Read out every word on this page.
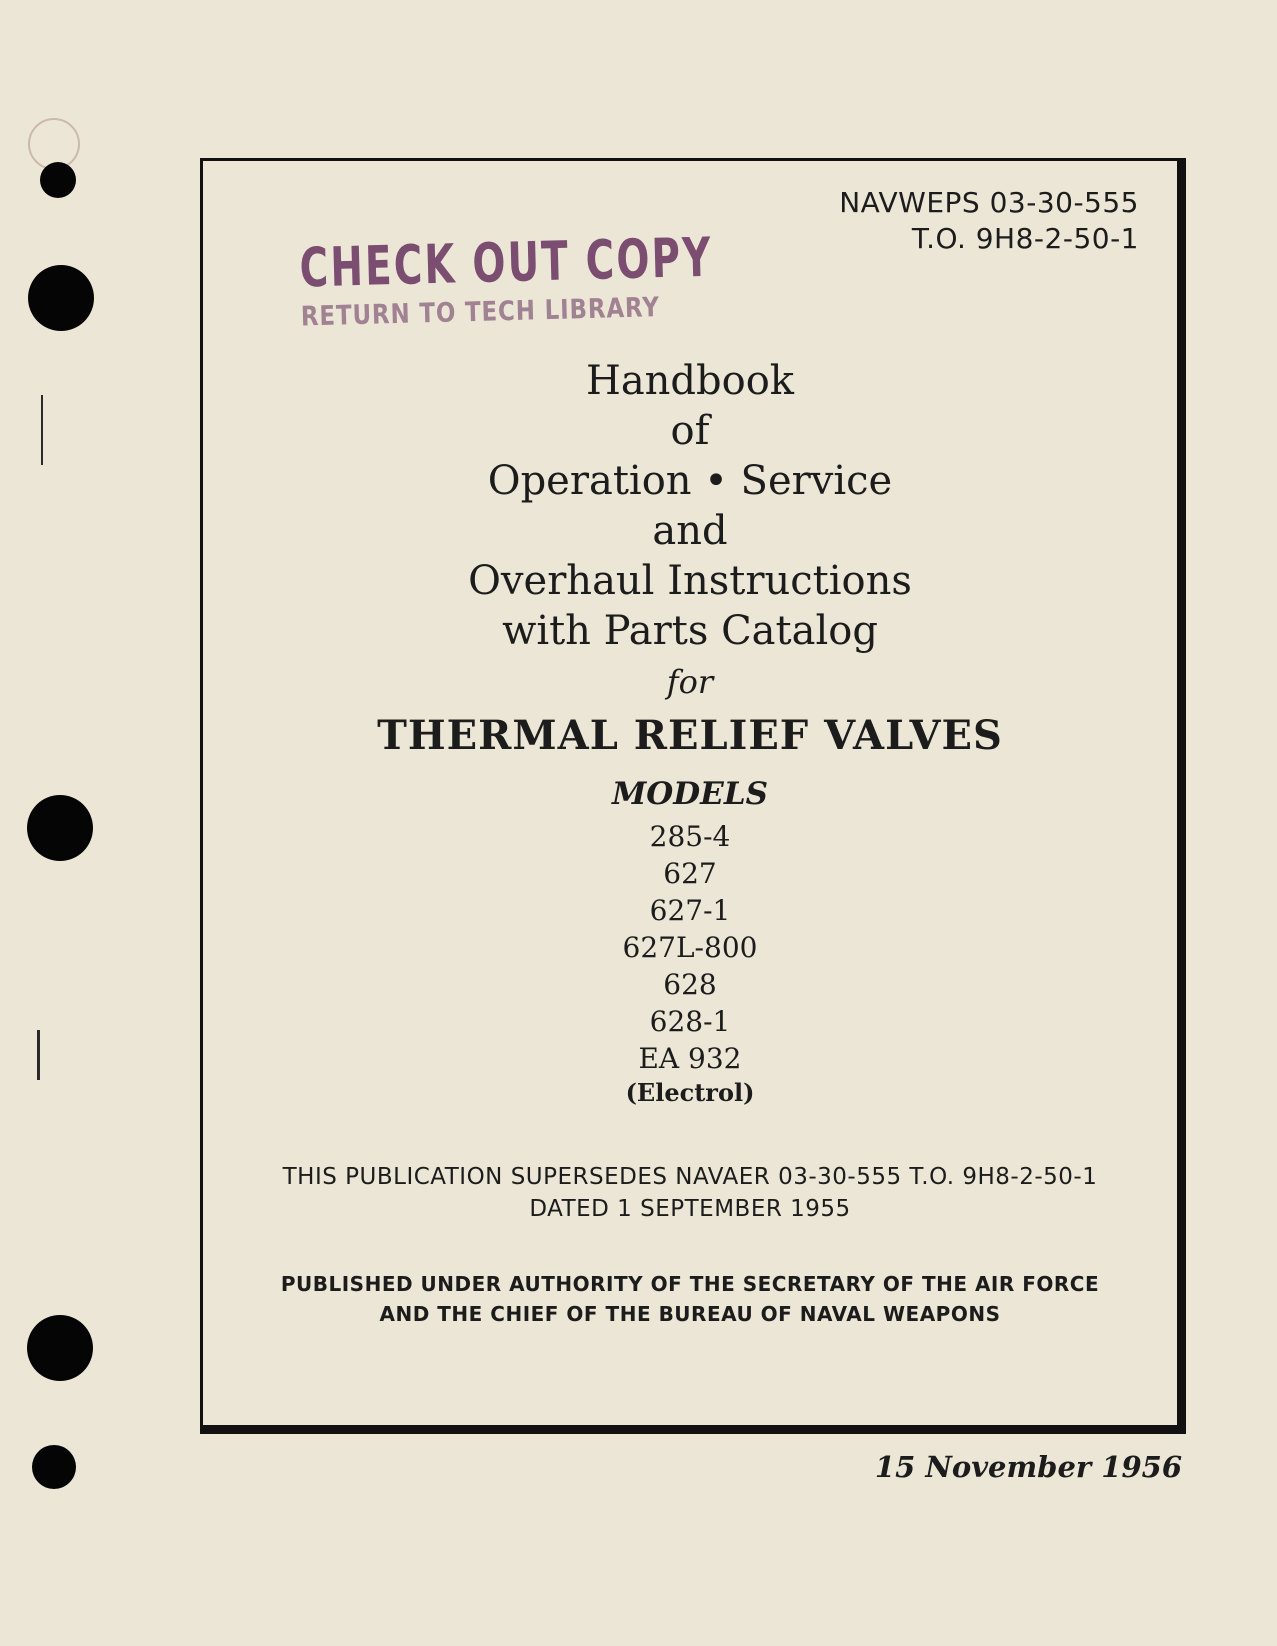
NAVWEPS 03-30-555
T.O. 9H8-2-50-1
CHECK OUT COPY
RETURN TO TECH LIBRARY
Handbook
of
Operation • Service
and
Overhaul Instructions
with Parts Catalog
for
THERMAL RELIEF VALVES
MODELS
285-4
627
627-1
627L-800
628
628-1
EA 932
(Electrol)
THIS PUBLICATION SUPERSEDES NAVAER 03-30-555 T.O. 9H8-2-50-1
DATED 1 SEPTEMBER 1955
PUBLISHED UNDER AUTHORITY OF THE SECRETARY OF THE AIR FORCE
AND THE CHIEF OF THE BUREAU OF NAVAL WEAPONS
15 November 1956
